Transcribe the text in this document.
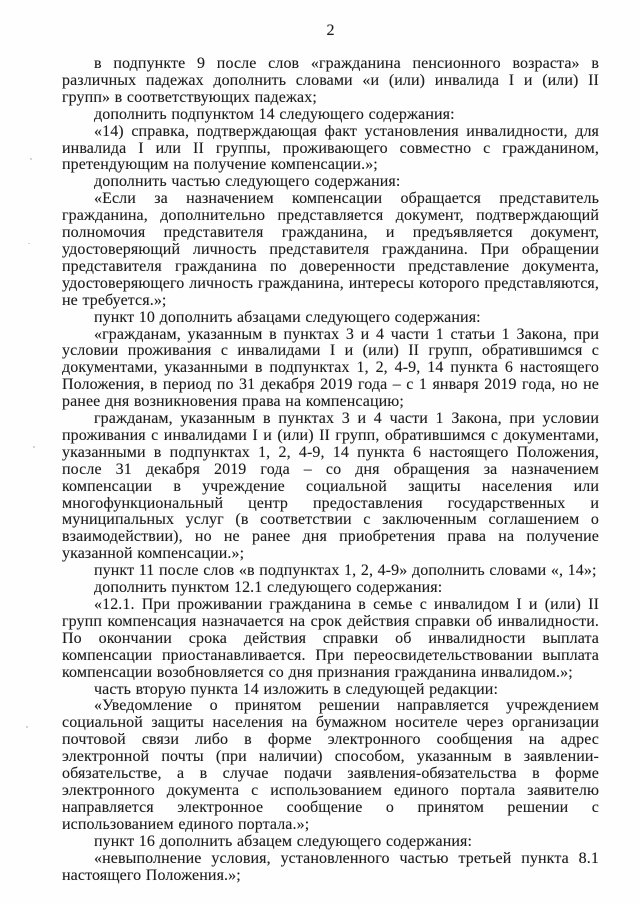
2

в подпункте 9 после слов «гражданина пенсионного возраста» в различных падежах дополнить словами «и (или) инвалида I и (или) II групп» в соответствующих падежах;

дополнить подпунктом 14 следующего содержания:

«14) справка, подтверждающая факт установления инвалидности, для инвалида I или II группы, проживающего совместно с гражданином, претендующим на получение компенсации.»;

дополнить частью следующего содержания:

«Если за назначением компенсации обращается представитель гражданина, дополнительно представляется документ, подтверждающий полномочия представителя гражданина, и предъявляется документ, удостоверяющий личность представителя гражданина. При обращении представителя гражданина по доверенности представление документа, удостоверяющего личность гражданина, интересы которого представляются, не требуется.»;

пункт 10 дополнить абзацами следующего содержания:

«гражданам, указанным в пунктах 3 и 4 части 1 статьи 1 Закона, при условии проживания с инвалидами I и (или) II групп, обратившимся с документами, указанными в подпунктах 1, 2, 4-9, 14 пункта 6 настоящего Положения, в период по 31 декабря 2019 года – с 1 января 2019 года, но не ранее дня возникновения права на компенсацию;

гражданам, указанным в пунктах 3 и 4 части 1 Закона, при условии проживания с инвалидами I и (или) II групп, обратившимся с документами, указанными в подпунктах 1, 2, 4-9, 14 пункта 6 настоящего Положения, после 31 декабря 2019 года – со дня обращения за назначением компенсации в учреждение социальной защиты населения или многофункциональный центр предоставления государственных и муниципальных услуг (в соответствии с заключенным соглашением о взаимодействии), но не ранее дня приобретения права на получение указанной компенсации.»;

пункт 11 после слов «в подпунктах 1, 2, 4-9» дополнить словами «, 14»;

дополнить пунктом 12.1 следующего содержания:

«12.1. При проживании гражданина в семье с инвалидом I и (или) II групп компенсация назначается на срок действия справки об инвалидности. По окончании срока действия справки об инвалидности выплата компенсации приостанавливается. При переосвидетельствовании выплата компенсации возобновляется со дня признания гражданина инвалидом.»;

часть вторую пункта 14 изложить в следующей редакции:

«Уведомление о принятом решении направляется учреждением социальной защиты населения на бумажном носителе через организации почтовой связи либо в форме электронного сообщения на адрес электронной почты (при наличии) способом, указанным в заявлении-обязательстве, а в случае подачи заявления-обязательства в форме электронного документа с использованием единого портала заявителю направляется электронное сообщение о принятом решении с использованием единого портала.»;

пункт 16 дополнить абзацем следующего содержания:

«невыполнение условия, установленного частью третьей пункта 8.1 настоящего Положения.»;
